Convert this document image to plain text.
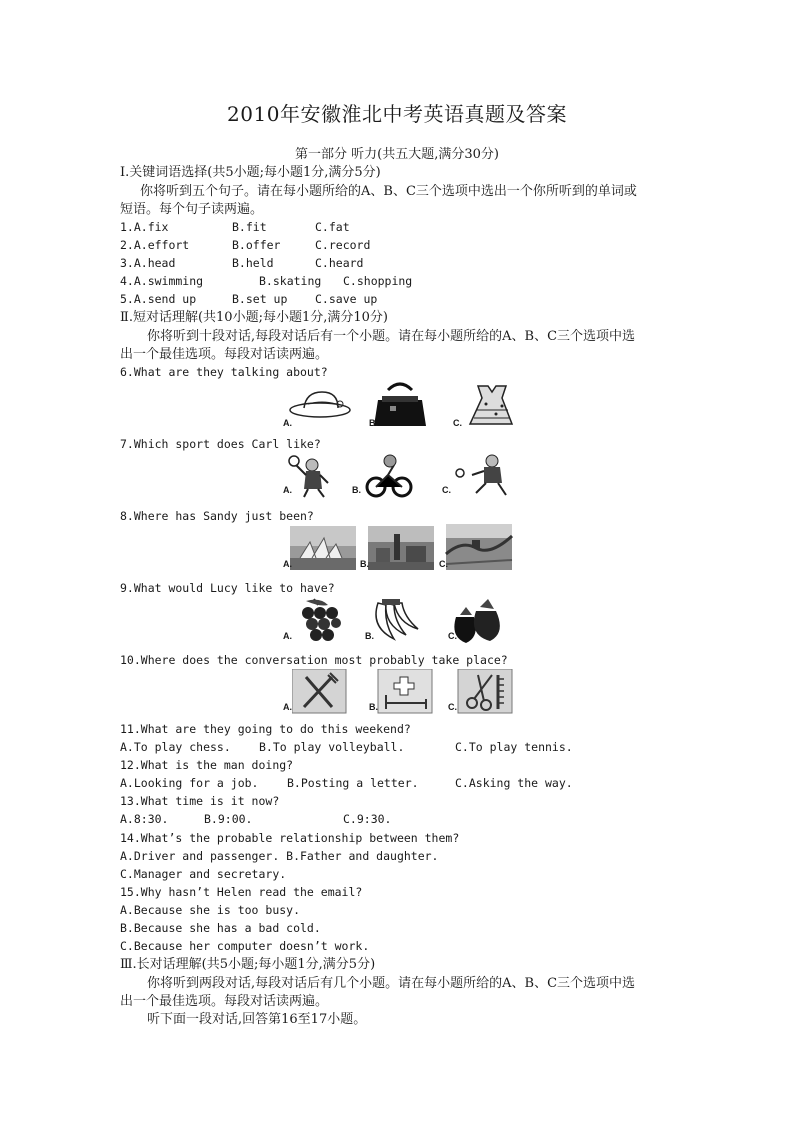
2010年安徽淮北中考英语真题及答案
第一部分 听力(共五大题,满分30分)
Ⅰ.关键词语选择(共5小题;每小题1分,满分5分)
你将听到五个句子。请在每小题所给的A、B、C三个选项中选出一个你所听到的单词或
短语。每个句子读两遍。
1.A.fix	B.fit	C.fat
2.A.effort	B.offer	C.record
3.A.head	B.held	C.heard
4.A.swimming	B.skating C.shopping
5.A.send up	B.set up C.save up
Ⅱ.短对话理解(共10小题;每小题1分,满分10分)
你将听到十段对话,每段对话后有一个小题。请在每小题所给的A、B、C三个选项中选
出一个最佳选项。每段对话读两遍。
6.What are they talking about?
A.	B.	C.
7.Which sport does Carl like?
A.	B.	C.
8.Where has Sandy just been?
A.	B.	C.
9.What would Lucy like to have?
A.	B.	C.
10.Where does the conversation most probably take place?
A.	B.	C.
11.What are they going to do this weekend?
A.To play chess. B.To play volleyball.	C.To play tennis.
12.What is the man doing?
A.Looking for a job. B.Posting a letter.	C.Asking the way.
13.What time is it now?
A.8:30.	B.9:00.	C.9:30.
14.What’s the probable relationship between them?
A.Driver and passenger. B.Father and daughter.
C.Manager and secretary.
15.Why hasn’t Helen read the email?
A.Because she is too busy.
B.Because she has a bad cold.
C.Because her computer doesn’t work.
Ⅲ.长对话理解(共5小题;每小题1分,满分5分)
你将听到两段对话,每段对话后有几个小题。请在每小题所给的A、B、C三个选项中选
出一个最佳选项。每段对话读两遍。
听下面一段对话,回答第16至17小题。
